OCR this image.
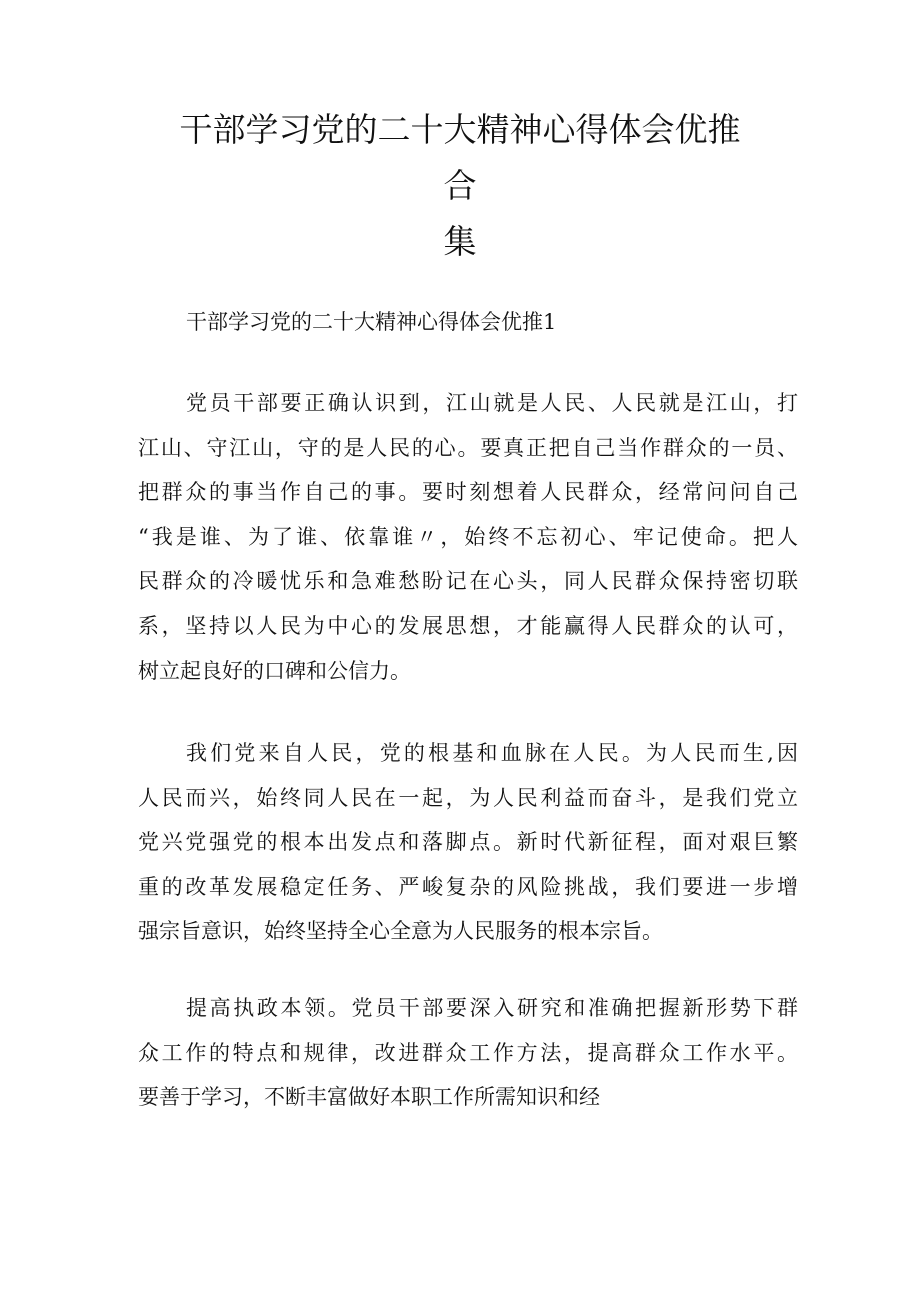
干部学习党的二十大精神心得体会优推合
集
干部学习党的二十大精神心得体会优推1
党员干部要正确认识到，江山就是人民、人民就是江山，打
江山、守江山，守的是人民的心。要真正把自己当作群众的一员、
把群众的事当作自己的事。要时刻想着人民群众，经常问问自己
“我是谁、为了谁、依靠谁〃，始终不忘初心、牢记使命。把人
民群众的冷暖忧乐和急难愁盼记在心头，同人民群众保持密切联
系，坚持以人民为中心的发展思想，才能赢得人民群众的认可，
树立起良好的口碑和公信力。
我们党来自人民，党的根基和血脉在人民。为人民而生,因
人民而兴，始终同人民在一起，为人民利益而奋斗，是我们党立
党兴党强党的根本出发点和落脚点。新时代新征程，面对艰巨繁
重的改革发展稳定任务、严峻复杂的风险挑战，我们要进一步增
强宗旨意识，始终坚持全心全意为人民服务的根本宗旨。
提高执政本领。党员干部要深入研究和准确把握新形势下群
众工作的特点和规律，改进群众工作方法，提高群众工作水平。
要善于学习，不断丰富做好本职工作所需知识和经
